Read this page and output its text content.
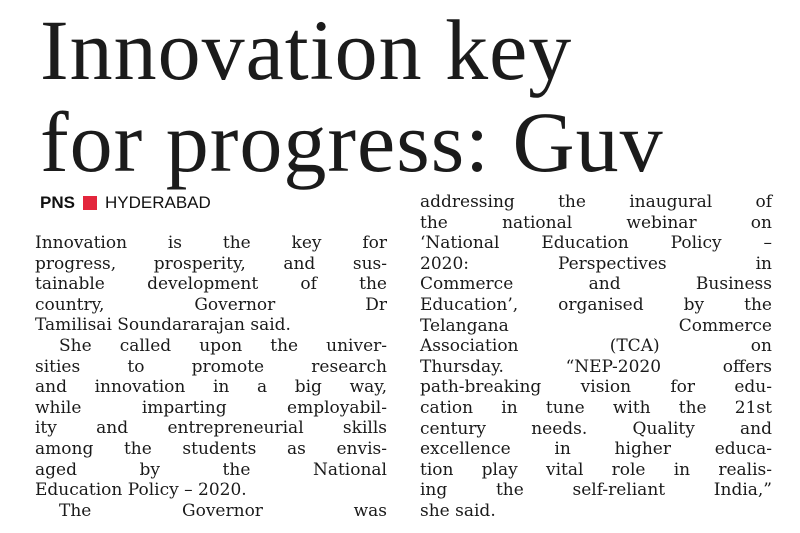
Innovation key
for progress: Guv
PNS HYDERABAD
Innovation is the key for
progress, prosperity, and sus-
tainable development of the
country, Governor Dr
Tamilisai Soundararajan said.
She called upon the univer-
sities to promote research
and innovation in a big way,
while imparting employabil-
ity and entrepreneurial skills
among the students as envis-
aged by the National
Education Policy – 2020.
The Governor was
addressing the inaugural of
the national webinar on
‘National Education Policy –
2020: Perspectives in
Commerce and Business
Education’, organised by the
Telangana Commerce
Association (TCA) on
Thursday. “NEP-2020 offers
path-breaking vision for edu-
cation in tune with the 21st
century needs. Quality and
excellence in higher educa-
tion play vital role in realis-
ing the self-reliant India,”
she said.
